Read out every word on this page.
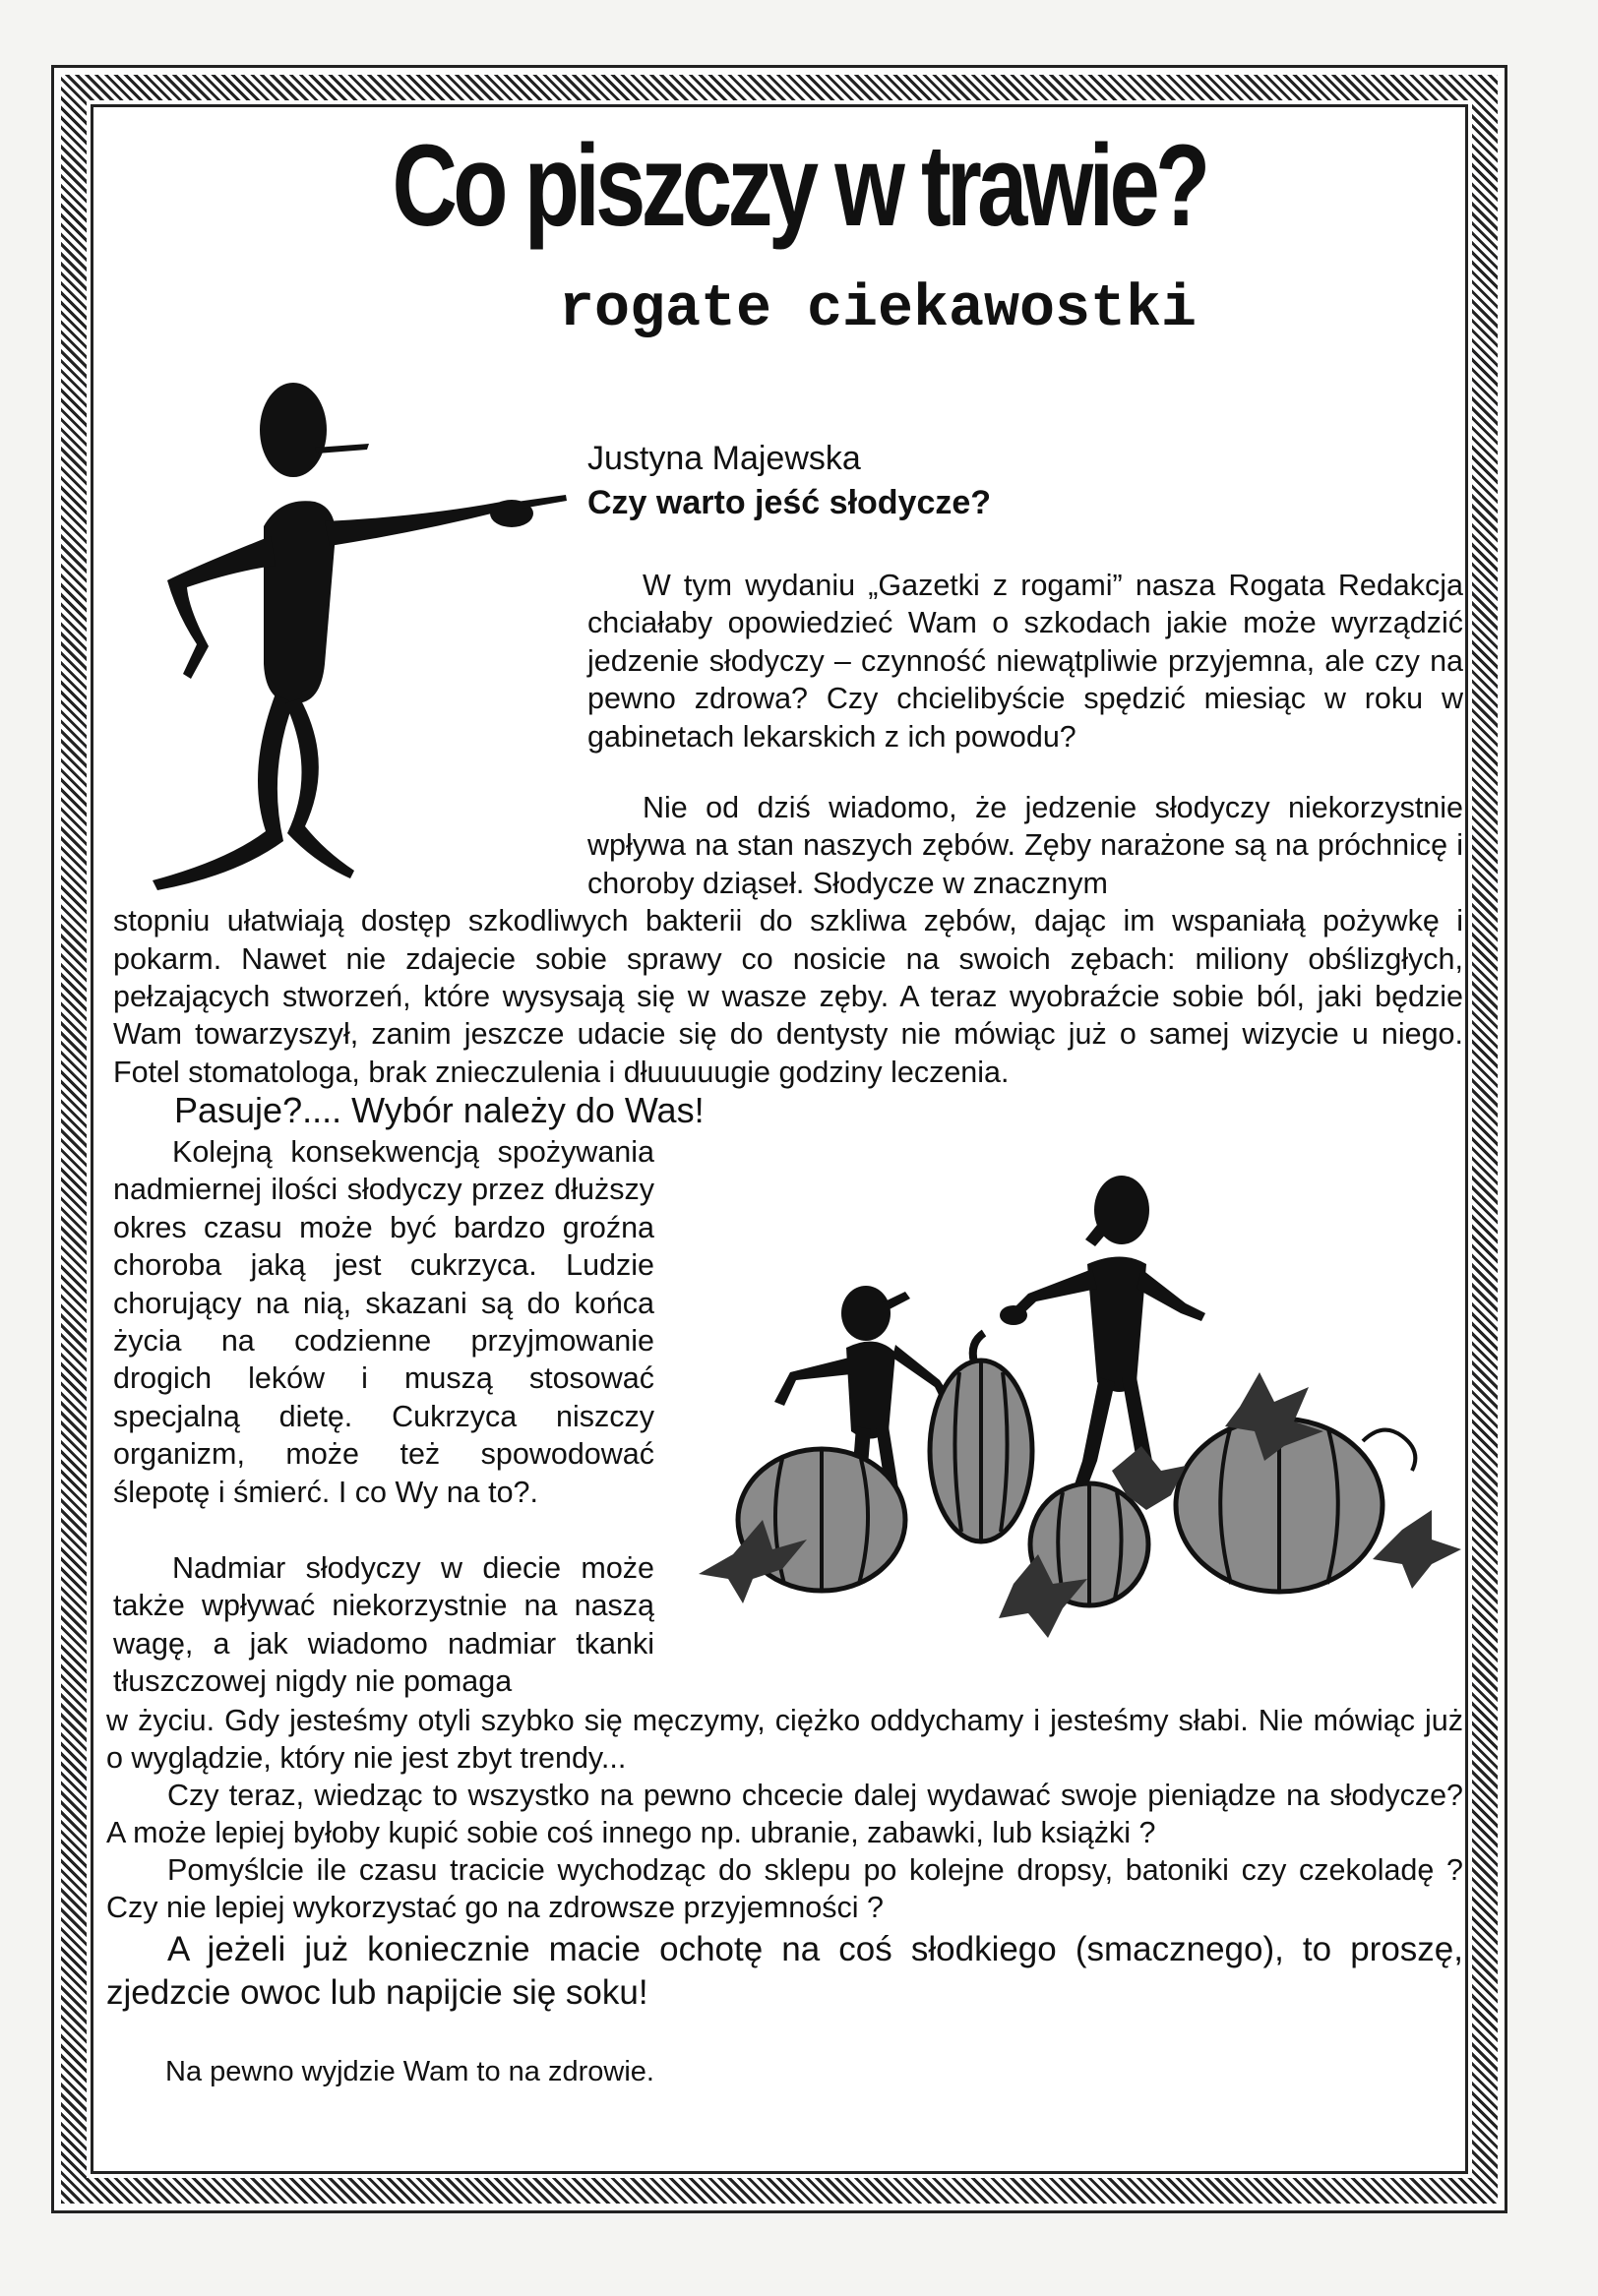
Co piszczy w trawie?
rogate ciekawostki

Justyna Majewska

Czy warto jeść słodycze?

W tym wydaniu „Gazetki z rogami” nasza Rogata Redakcja chciałaby opowiedzieć Wam o szkodach jakie może wyrządzić jedzenie słodyczy – czynność niewątpliwie przyjemna, ale czy na pewno zdrowa? Czy chcielibyście spędzić miesiąc w roku w gabinetach lekarskich z ich powodu?

Nie od dziś wiadomo, że jedzenie słodyczy niekorzystnie wpływa na stan naszych zębów. Zęby narażone są na próchnicę i choroby dziąseł. Słodycze w znacznym
stopniu ułatwiają dostęp szkodliwych bakterii do szkliwa zębów, dając im wspaniałą pożywkę i pokarm. Nawet nie zdajecie sobie sprawy co nosicie na swoich zębach: miliony obślizgłych, pełzających stworzeń, które wysysają się w wasze zęby. A teraz wyobraźcie sobie ból, jaki będzie Wam towarzyszył, zanim jeszcze udacie się do dentysty nie mówiąc już o samej wizycie u niego. Fotel stomatologa, brak znieczulenia i dłuuuuugie godziny leczenia.

Pasuje?.... Wybór należy do Was!

Kolejną konsekwencją spożywania nadmiernej ilości słodyczy przez dłuższy okres czasu może być bardzo groźna choroba jaką jest cukrzyca. Ludzie chorujący na nią, skazani są do końca życia na codzienne przyjmowanie drogich leków i muszą stosować specjalną dietę. Cukrzyca niszczy organizm, może też spowodować ślepotę i śmierć. I co Wy na to?.

Nadmiar słodyczy w diecie może także wpływać niekorzystnie na naszą wagę, a jak wiadomo nadmiar tkanki tłuszczowej nigdy nie pomaga

w życiu. Gdy jesteśmy otyli szybko się męczymy, ciężko oddychamy i jesteśmy słabi. Nie mówiąc już o wyglądzie, który nie jest zbyt trendy...

Czy teraz, wiedząc to wszystko na pewno chcecie dalej wydawać swoje pieniądze na słodycze? A może lepiej byłoby kupić sobie coś innego np. ubranie, zabawki, lub książki ?

Pomyślcie ile czasu tracicie wychodząc do sklepu po kolejne dropsy, batoniki czy czekoladę ? Czy nie lepiej wykorzystać go na zdrowsze przyjemności ?

A jeżeli już koniecznie macie ochotę na coś słodkiego (smacznego), to proszę, zjedzcie owoc lub napijcie się soku!

Na pewno wyjdzie Wam to na zdrowie.
